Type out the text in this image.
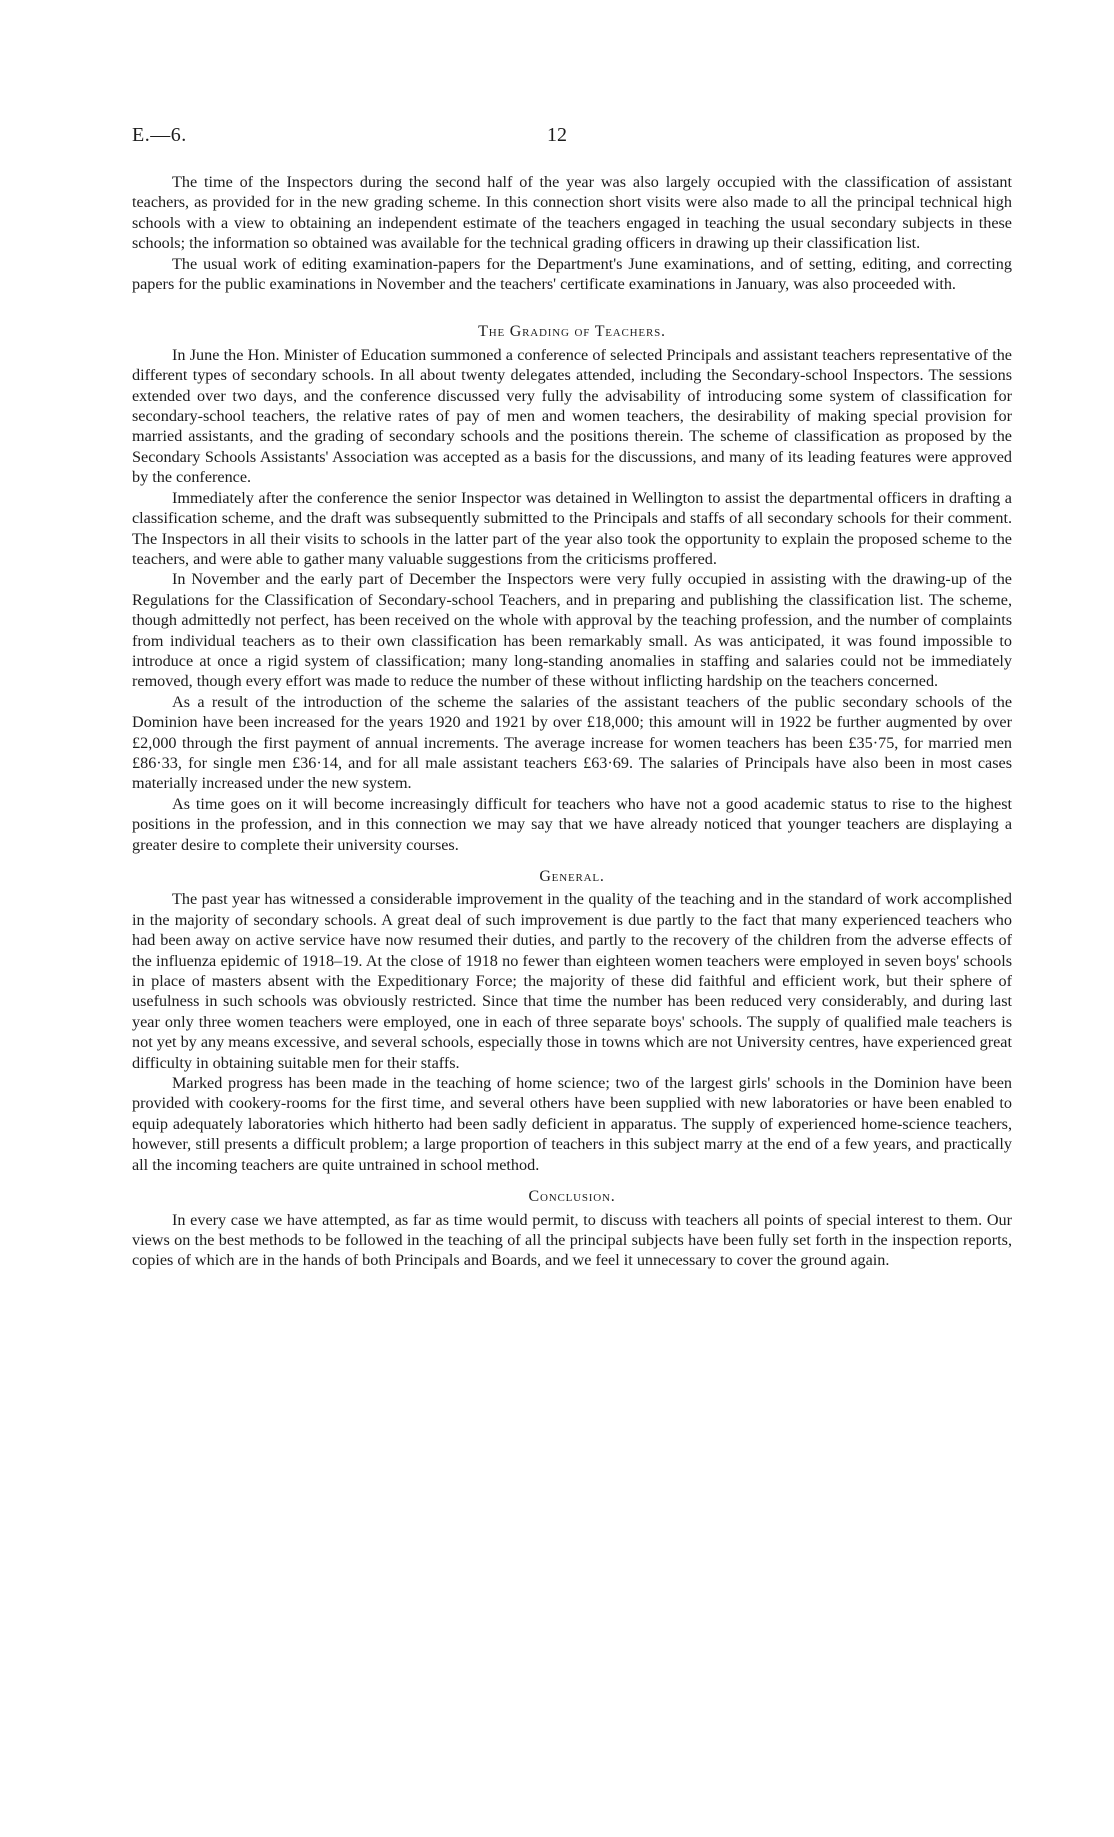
E.—6.	12

The time of the Inspectors during the second half of the year was also largely occupied with the classification of assistant teachers, as provided for in the new grading scheme. In this connection short visits were also made to all the principal technical high schools with a view to obtaining an independent estimate of the teachers engaged in teaching the usual secondary subjects in these schools; the information so obtained was available for the technical grading officers in drawing up their classification list.

The usual work of editing examination-papers for the Department's June examinations, and of setting, editing, and correcting papers for the public examinations in November and the teachers' certificate examinations in January, was also proceeded with.

The Grading of Teachers.

In June the Hon. Minister of Education summoned a conference of selected Principals and assistant teachers representative of the different types of secondary schools. In all about twenty delegates attended, including the Secondary-school Inspectors. The sessions extended over two days, and the conference discussed very fully the advisability of introducing some system of classification for secondary-school teachers, the relative rates of pay of men and women teachers, the desirability of making special provision for married assistants, and the grading of secondary schools and the positions therein. The scheme of classification as proposed by the Secondary Schools Assistants' Association was accepted as a basis for the discussions, and many of its leading features were approved by the conference.

Immediately after the conference the senior Inspector was detained in Wellington to assist the departmental officers in drafting a classification scheme, and the draft was subsequently submitted to the Principals and staffs of all secondary schools for their comment. The Inspectors in all their visits to schools in the latter part of the year also took the opportunity to explain the proposed scheme to the teachers, and were able to gather many valuable suggestions from the criticisms proffered.

In November and the early part of December the Inspectors were very fully occupied in assisting with the drawing-up of the Regulations for the Classification of Secondary-school Teachers, and in preparing and publishing the classification list. The scheme, though admittedly not perfect, has been received on the whole with approval by the teaching profession, and the number of complaints from individual teachers as to their own classification has been remarkably small. As was anticipated, it was found impossible to introduce at once a rigid system of classification; many long-standing anomalies in staffing and salaries could not be immediately removed, though every effort was made to reduce the number of these without inflicting hardship on the teachers concerned.

As a result of the introduction of the scheme the salaries of the assistant teachers of the public secondary schools of the Dominion have been increased for the years 1920 and 1921 by over £18,000; this amount will in 1922 be further augmented by over £2,000 through the first payment of annual increments. The average increase for women teachers has been £35·75, for married men £86·33, for single men £36·14, and for all male assistant teachers £63·69. The salaries of Principals have also been in most cases materially increased under the new system.

As time goes on it will become increasingly difficult for teachers who have not a good academic status to rise to the highest positions in the profession, and in this connection we may say that we have already noticed that younger teachers are displaying a greater desire to complete their university courses.

General.

The past year has witnessed a considerable improvement in the quality of the teaching and in the standard of work accomplished in the majority of secondary schools. A great deal of such improvement is due partly to the fact that many experienced teachers who had been away on active service have now resumed their duties, and partly to the recovery of the children from the adverse effects of the influenza epidemic of 1918–19. At the close of 1918 no fewer than eighteen women teachers were employed in seven boys' schools in place of masters absent with the Expeditionary Force; the majority of these did faithful and efficient work, but their sphere of usefulness in such schools was obviously restricted. Since that time the number has been reduced very considerably, and during last year only three women teachers were employed, one in each of three separate boys' schools. The supply of qualified male teachers is not yet by any means excessive, and several schools, especially those in towns which are not University centres, have experienced great difficulty in obtaining suitable men for their staffs.

Marked progress has been made in the teaching of home science; two of the largest girls' schools in the Dominion have been provided with cookery-rooms for the first time, and several others have been supplied with new laboratories or have been enabled to equip adequately laboratories which hitherto had been sadly deficient in apparatus. The supply of experienced home-science teachers, however, still presents a difficult problem; a large proportion of teachers in this subject marry at the end of a few years, and practically all the incoming teachers are quite untrained in school method.

Conclusion.

In every case we have attempted, as far as time would permit, to discuss with teachers all points of special interest to them. Our views on the best methods to be followed in the teaching of all the principal subjects have been fully set forth in the inspection reports, copies of which are in the hands of both Principals and Boards, and we feel it unnecessary to cover the ground again.
